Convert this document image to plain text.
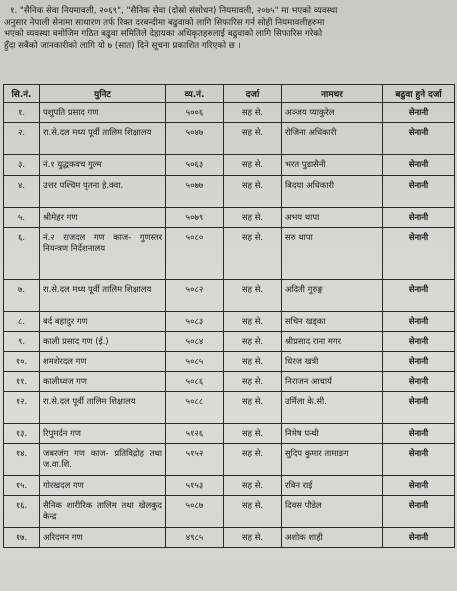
१. "सैनिक सेवा नियमावली, २०६९", "सैनिक सेवा (दोस्रो संसोधन) नियमावली, २०७५" मा भएको व्यवस्था

अनुसार नेपाली सेनामा साधारण तर्फ रिक्त दरबन्दीमा बढुवाको लागि सिफारिस गर्न सोही नियमावलीहरुमा

भएको व्यवस्था बमोजिम गठित बढुवा समितिले देहायका अधिकृतहरुलाई बढुवाको लागि सिफारिस गरेको

हुँदा सबैको जानकारीको लागि यो ७ (सात) दिने सूचना प्रकाशित गरिएको छ ।

सि.नं.	युनिट	व्य.नं.	दर्जा	नामथर	बढुवा हुने दर्जा
१.	पशुपति प्रसाद गण	५००६	सह से.	अञ्जय प्याकुरेल	सेनानी
२.	रा.से.दल मध्य पूर्वी तालिम शिक्षालय	५०४७	सह से.	रोजिना अधिकारी	सेनानी
३.	नं.१ युद्धकवच गुल्म	५०६३	सह से.	भरत पुडासैनी	सेनानी
४.	उत्तर पश्चिम पृतना हे.क्वा.	५०७७	सह से.	बिदया अधिकारी	सेनानी
५.	श्रीमेहर गण	५०७९	सह से.	अभय थापा	सेनानी
६.	नं.२ राजदल गण काज- गुणस्तर नियन्त्रण निर्देशनालय	५०८०	सह से.	सरु थापा	सेनानी
७.	रा.से.दल मध्य पूर्वी तालिम शिक्षालय	५०८२	सह से.	अदिती गुरुङ्ग	सेनानी
८.	बर्द बहादुर गण	५०८३	सह से.	सचिन खड्का	सेनानी
९.	काली प्रसाद गण (ई.)	५०८४	सह से.	श्रीप्रसाद राना मगर	सेनानी
१०.	शमशेरदल गण	५०८५	सह से.	धिरज खत्री	सेनानी
११.	कालीध्वज गण	५०८६	सह से.	निराजन आचार्य	सेनानी
१२.	रा.से.दल पूर्वी तालिम शिक्षालय	५०८८	सह से.	उर्मिला के.सी.	सेनानी
१३.	रिपुमर्दन गण	५१२६	सह से.	निमेष पन्थी	सेनानी
१४.	जबरजंग गण काज- प्रतिविद्रोह तथा ज.वा.शि.	५१५२	सह से.	सुदिप कुमार तामाङग	सेनानी
१५.	गोरखदल गण	५१५३	सह से.	रबिन राई	सेनानी
१६.	सैनिक शारीरिक तालिम तथा खेलकुद केन्द्र	५०८७	सह से.	दिवस पौडेल	सेनानी
१७.	अरिदमन गण	४९८५	सह से.	अशोक शाही	सेनानी
